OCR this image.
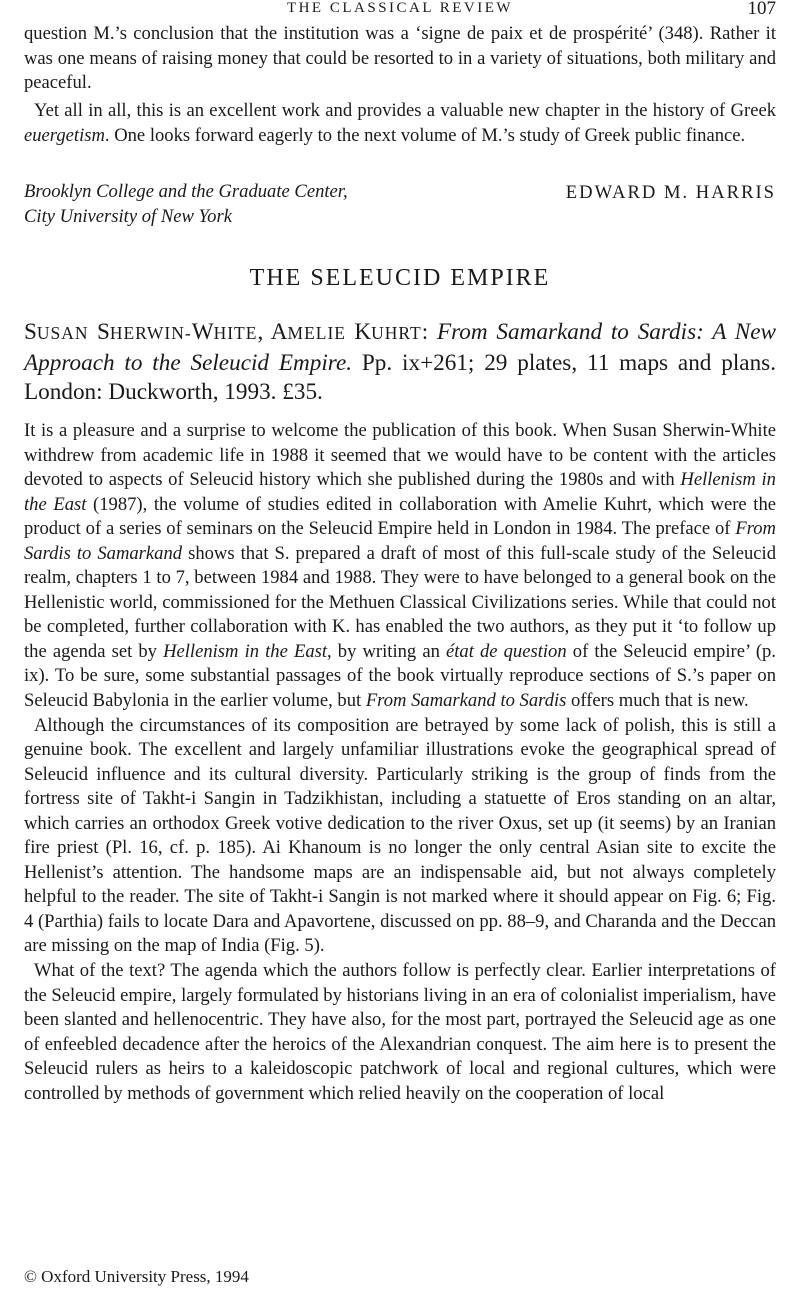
THE CLASSICAL REVIEW	107

question M.’s conclusion that the institution was a ‘signe de paix et de prospérité’ (348). Rather it was one means of raising money that could be resorted to in a variety of situations, both military and peaceful.

Yet all in all, this is an excellent work and provides a valuable new chapter in the history of Greek euergetism. One looks forward eagerly to the next volume of M.’s study of Greek public finance.

Brooklyn College and the Graduate Center,
City University of New York
EDWARD M. HARRIS
THE SELEUCID EMPIRE
SUSAN SHERWIN-WHITE, AMELIE KUHRT: From Samarkand to Sardis: A New Approach to the Seleucid Empire. Pp. ix+261; 29 plates, 11 maps and plans. London: Duckworth, 1993. £35.

It is a pleasure and a surprise to welcome the publication of this book. When Susan Sherwin-White withdrew from academic life in 1988 it seemed that we would have to be content with the articles devoted to aspects of Seleucid history which she published during the 1980s and with Hellenism in the East (1987), the volume of studies edited in collaboration with Amelie Kuhrt, which were the product of a series of seminars on the Seleucid Empire held in London in 1984. The preface of From Sardis to Samarkand shows that S. prepared a draft of most of this full-scale study of the Seleucid realm, chapters 1 to 7, between 1984 and 1988. They were to have belonged to a general book on the Hellenistic world, commissioned for the Methuen Classical Civilizations series. While that could not be completed, further collaboration with K. has enabled the two authors, as they put it ‘to follow up the agenda set by Hellenism in the East, by writing an état de question of the Seleucid empire’ (p. ix). To be sure, some substantial passages of the book virtually reproduce sections of S.’s paper on Seleucid Babylonia in the earlier volume, but From Samarkand to Sardis offers much that is new.

Although the circumstances of its composition are betrayed by some lack of polish, this is still a genuine book. The excellent and largely unfamiliar illustrations evoke the geographical spread of Seleucid influence and its cultural diversity. Particularly striking is the group of finds from the fortress site of Takht-i Sangin in Tadzikhistan, including a statuette of Eros standing on an altar, which carries an orthodox Greek votive dedication to the river Oxus, set up (it seems) by an Iranian fire priest (Pl. 16, cf. p. 185). Ai Khanoum is no longer the only central Asian site to excite the Hellenist’s attention. The handsome maps are an indispensable aid, but not always completely helpful to the reader. The site of Takht-i Sangin is not marked where it should appear on Fig. 6; Fig. 4 (Parthia) fails to locate Dara and Apavortene, discussed on pp. 88–9, and Charanda and the Deccan are missing on the map of India (Fig. 5).

What of the text? The agenda which the authors follow is perfectly clear. Earlier interpretations of the Seleucid empire, largely formulated by historians living in an era of colonialist imperialism, have been slanted and hellenocentric. They have also, for the most part, portrayed the Seleucid age as one of enfeebled decadence after the heroics of the Alexandrian conquest. The aim here is to present the Seleucid rulers as heirs to a kaleidoscopic patchwork of local and regional cultures, which were controlled by methods of government which relied heavily on the cooperation of local

© Oxford University Press, 1994
